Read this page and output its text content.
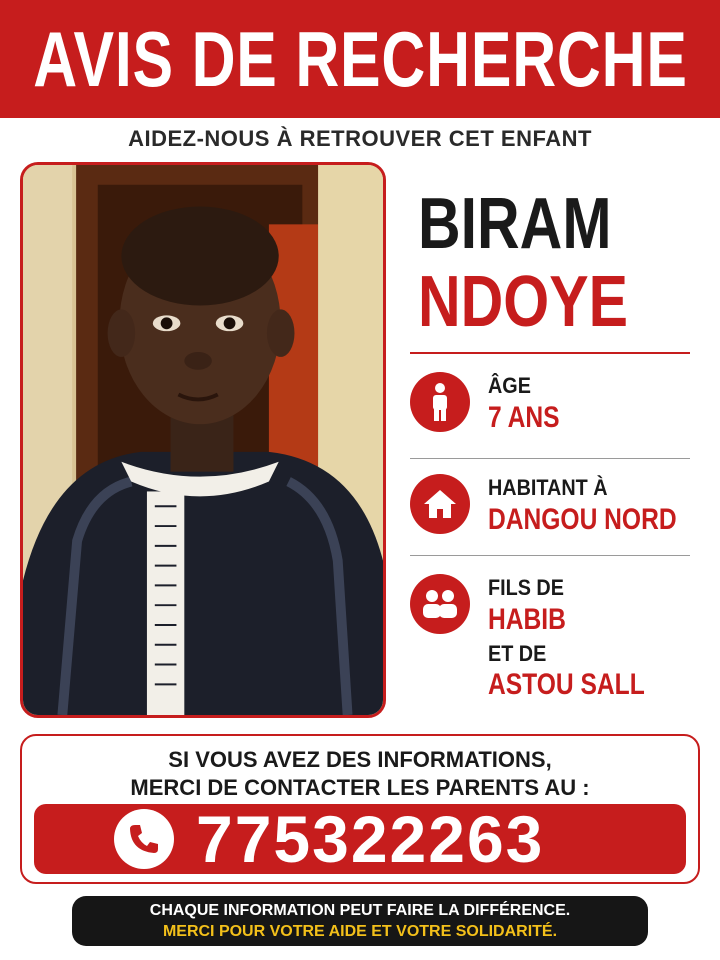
AVIS DE RECHERCHE
AIDEZ-NOUS À RETROUVER CET ENFANT
BIRAM
NDOYE
ÂGE
7 ANS
HABITANT À
DANGOU NORD
FILS DE
HABIB
ET DE
ASTOU SALL
SI VOUS AVEZ DES INFORMATIONS,
MERCI DE CONTACTER LES PARENTS AU :
775322263
CHAQUE INFORMATION PEUT FAIRE LA DIFFÉRENCE.
MERCI POUR VOTRE AIDE ET VOTRE SOLIDARITÉ.
